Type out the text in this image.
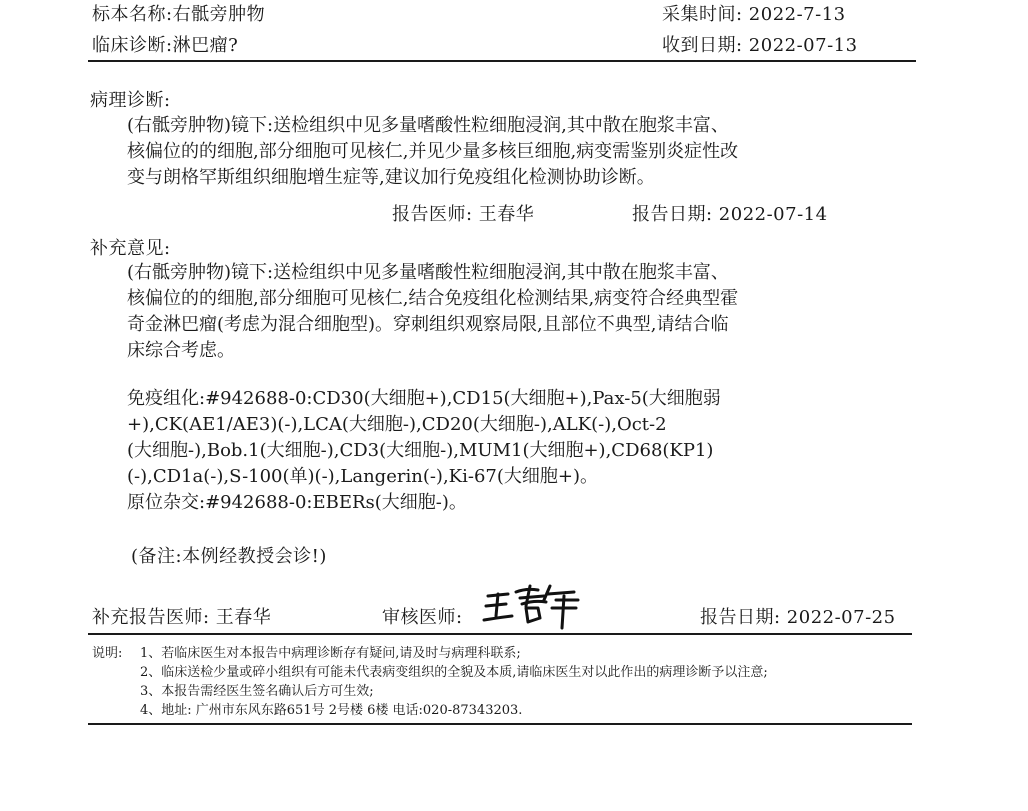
标本名称:右骶旁肿物	采集时间: 2022-7-13
临床诊断:淋巴瘤?	收到日期: 2022-07-13
病理诊断:
(右骶旁肿物)镜下:送检组织中见多量嗜酸性粒细胞浸润,其中散在胞浆丰富、
核偏位的的细胞,部分细胞可见核仁,并见少量多核巨细胞,病变需鉴别炎症性改
变与朗格罕斯组织细胞增生症等,建议加行免疫组化检测协助诊断。
报告医师: 王春华	报告日期: 2022-07-14
补充意见:
(右骶旁肿物)镜下:送检组织中见多量嗜酸性粒细胞浸润,其中散在胞浆丰富、
核偏位的的细胞,部分细胞可见核仁,结合免疫组化检测结果,病变符合经典型霍
奇金淋巴瘤(考虑为混合细胞型)。穿刺组织观察局限,且部位不典型,请结合临
床综合考虑。
免疫组化:#942688-0:CD30(大细胞+),CD15(大细胞+),Pax-5(大细胞弱
+),CK(AE1/AE3)(-),LCA(大细胞-),CD20(大细胞-),ALK(-),Oct-2
(大细胞-),Bob.1(大细胞-),CD3(大细胞-),MUM1(大细胞+),CD68(KP1)
(-),CD1a(-),S-100(单)(-),Langerin(-),Ki-67(大细胞+)。
原位杂交:#942688-0:EBERs(大细胞-)。
(备注:本例经教授会诊!)
补充报告医师: 王春华	审核医师:	报告日期: 2022-07-25
说明: 1、若临床医生对本报告中病理诊断存有疑问,请及时与病理科联系;
2、临床送检少量或碎小组织有可能未代表病变组织的全貌及本质,请临床医生对以此作出的病理诊断予以注意;
3、本报告需经医生签名确认后方可生效;
4、地址: 广州市东风东路651号 2号楼 6楼 电话:020-87343203.
